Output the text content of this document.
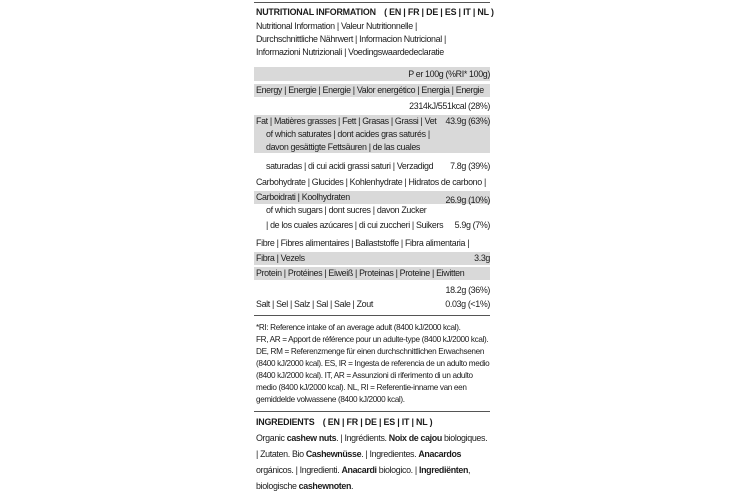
NUTRITIONAL INFORMATION ( EN | FR | DE | ES | IT | NL )
Nutritional Information | Valeur Nutritionnelle |
Durchschnittliche Nährwert | Informacion Nutricional |
Informazioni Nutrizionali | Voedingswaardedeclaratie
P er 100g (%RI* 100g)
Energy | Energie | Energie | Valor energético | Energia | Energie
2314kJ/551kcal (28%)
Fat | Matières grasses | Fett | Grasas | Grassi | Vet 43.9g (63%)
of which saturates | dont acides gras saturés |
davon gesättigte Fettsäuren | de las cuales
saturadas | di cui acidi grassi saturi | Verzadigd 7.8g (39%)
Carbohydrate | Glucides | Kohlenhydrate | Hidratos de carbono |
Carboidrati | Koolhydraten	26.9g (10%)
of which sugars | dont sucres | davon Zucker
| de los cuales azúcares | di cui zuccheri | Suikers 5.9g (7%)
Fibre | Fibres alimentaires | Ballaststoffe | Fibra alimentaria |
Fibra | Vezels	3.3g
Protein | Protéines | Eiweiß | Proteinas | Proteine | Eiwitten
18.2g (36%)
Salt | Sel | Salz | Sal | Sale | Zout	0.03g (<1%)
*RI: Reference intake of an average adult (8400 kJ/2000 kcal).
FR, AR = Apport de référence pour un adulte-type (8400 kJ/2000 kcal).
DE, RM = Referenzmenge für einen durchschnittlichen Erwachsenen
(8400 kJ/2000 kcal). ES, IR = Ingesta de referencia de un adulto medio
(8400 kJ/2000 kcal). IT, AR = Assunzioni di riferimento di un adulto
medio (8400 kJ/2000 kcal). NL, RI = Referentie-inname van een
gemiddelde volwassene (8400 kJ/2000 kcal).
INGREDIENTS ( EN | FR | DE | ES | IT | NL )
Organic cashew nuts. | Ingrédients. Noix de cajou biologiques.
| Zutaten. Bio Cashewnüsse. | Ingredientes. Anacardos
orgánicos. | Ingredienti. Anacardi biologico. | Ingrediënten,
biologische cashewnoten.
